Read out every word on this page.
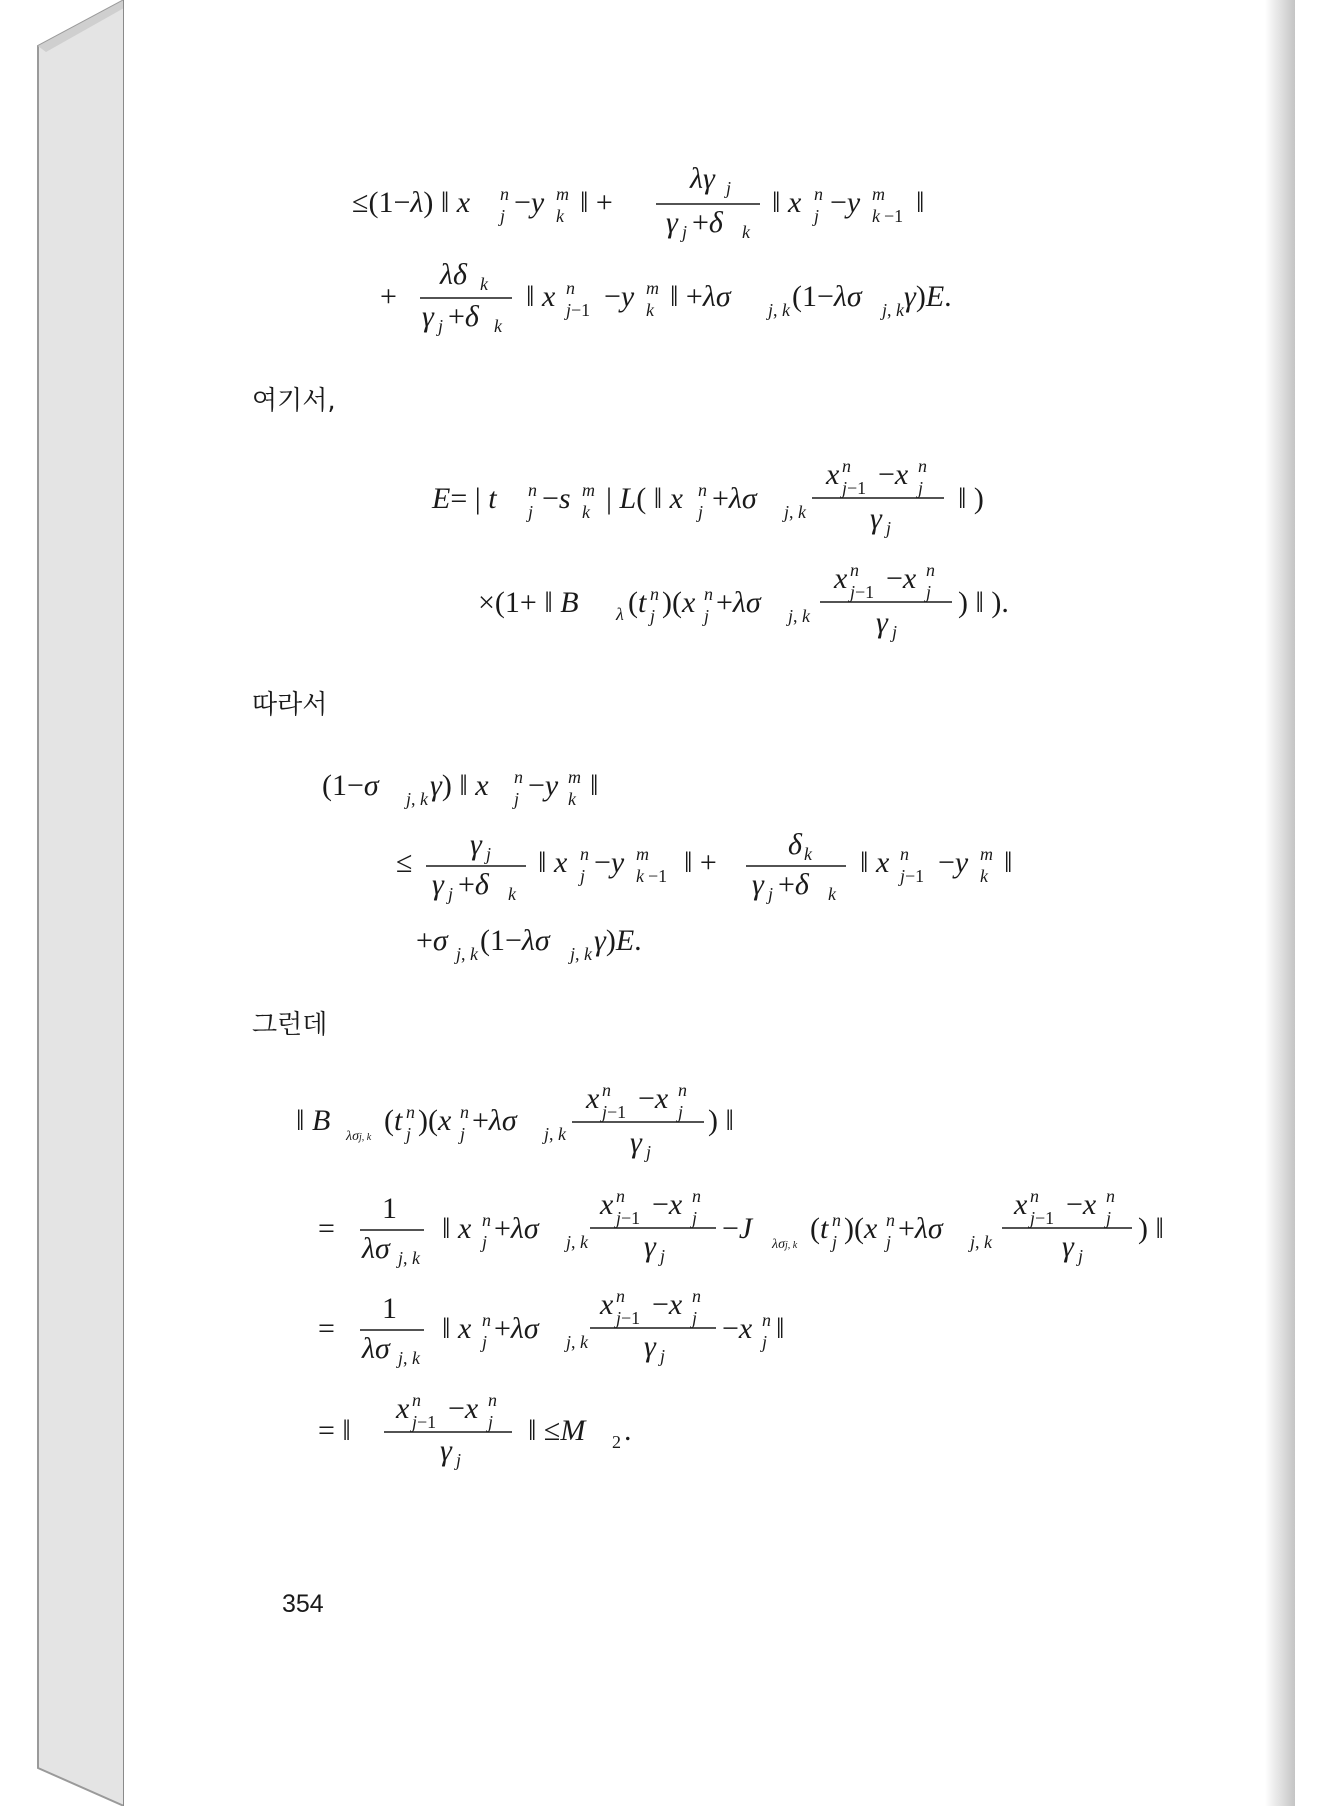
≤(1−λ) ‖ x n
j −y m
k ‖ +
λγ j
γ j +δ k
‖ x n
j −y m
k −1 ‖
+
λδ k
γ j +δ k
‖ x n
j−1 −y m
k ‖ +λσ j, k (1−λσ j, k γ)E.
E= | t n
j −s m
k | L( ‖ x n
j +λσ j, k
x n
j−1 −x n
j
γ j
‖ )
×(1+ ‖ B λ (t n
j )(x n
j +λσ j, k
x n
j−1 −x n
j
γ j
) ‖ ).
(1−σ j, k γ) ‖ x n
j −y m
k ‖
≤
γ j
γ j +δ k
‖ x n
j −y m
k −1 ‖ +
δ k
γ j +δ k
‖ x n
j−1 −y m
k ‖
+σ j, k (1−λσ j, k γ)E.
‖ B λσj, k
(t n
j )(x n
j +λσ j, k
x n
j−1 −x n
j
γ j
) ‖
=
1
λσ j, k
‖ x n
j +λσ j, k
x n
j−1 −x n
j
γ j
−J λσj, k
(t n
j )(x n
j +λσ j, k
x n
j−1 −x n
j
γ j
) ‖
=
1
λσ j, k
‖ x n
j +λσ j, k
x n
j−1 −x n
j
γ j
−x n
j ‖
= ‖
x n
j−1 −x n
j
γ j
‖ ≤M 2 .
여기서,
따라서
그런데
354
